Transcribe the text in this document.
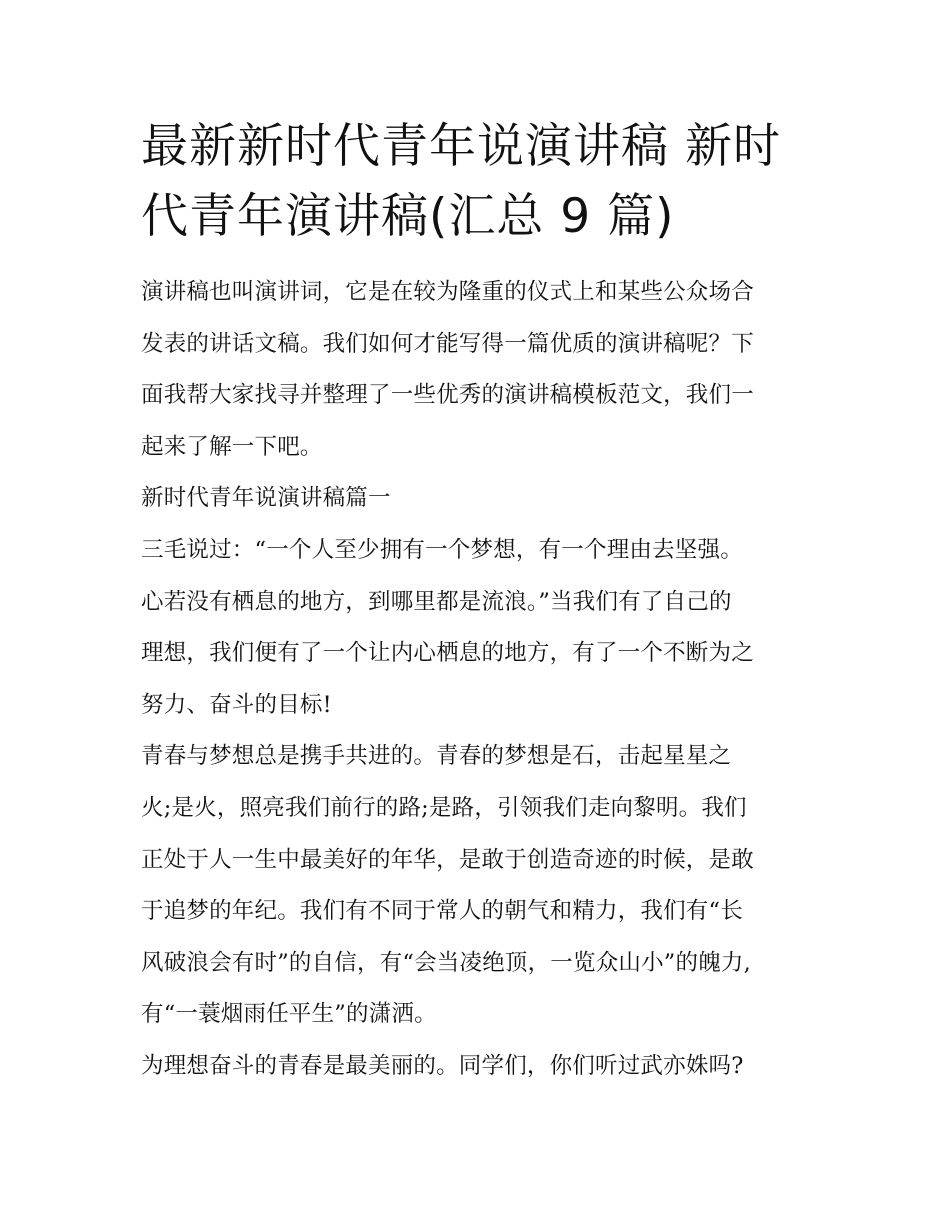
最新新时代青年说演讲稿 新时
代青年演讲稿(汇总 9 篇)
演讲稿也叫演讲词，它是在较为隆重的仪式上和某些公众场合
发表的讲话文稿。我们如何才能写得一篇优质的演讲稿呢？下
面我帮大家找寻并整理了一些优秀的演讲稿模板范文，我们一
起来了解一下吧。
新时代青年说演讲稿篇一
三毛说过：“一个人至少拥有一个梦想，有一个理由去坚强。
心若没有栖息的地方，到哪里都是流浪。”当我们有了自己的
理想，我们便有了一个让内心栖息的地方，有了一个不断为之
努力、奋斗的目标!
青春与梦想总是携手共进的。青春的梦想是石，击起星星之
火;是火，照亮我们前行的路;是路，引领我们走向黎明。我们
正处于人一生中最美好的年华，是敢于创造奇迹的时候，是敢
于追梦的年纪。我们有不同于常人的朝气和精力，我们有“长
风破浪会有时”的自信，有“会当凌绝顶，一览众山小”的魄力,
有“一蓑烟雨任平生”的潇洒。
为理想奋斗的青春是最美丽的。同学们，你们听过武亦姝吗?
